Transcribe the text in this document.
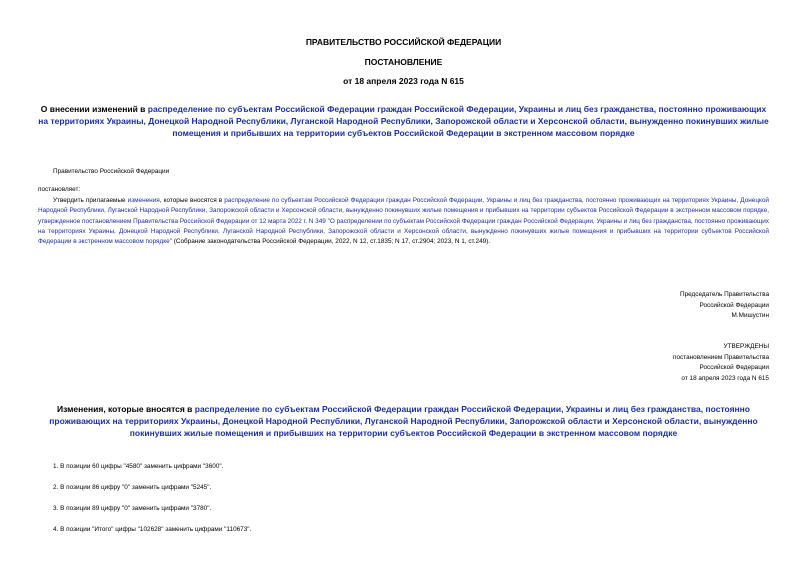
ПРАВИТЕЛЬСТВО РОССИЙСКОЙ ФЕДЕРАЦИИ
ПОСТАНОВЛЕНИЕ
от 18 апреля 2023 года N 615
О внесении изменений в распределение по субъектам Российской Федерации граждан Российской Федерации, Украины и лиц без гражданства, постоянно проживающих на территориях Украины, Донецкой Народной Республики, Луганской Народной Республики, Запорожской области и Херсонской области, вынужденно покинувших жилые помещения и прибывших на территории субъектов Российской Федерации в экстренном массовом порядке
Правительство Российской Федерации
постановляет:
Утвердить прилагаемые изменения, которые вносятся в распределение по субъектам Российской Федерации граждан Российской Федерации, Украины и лиц без гражданства, постоянно проживающих на территориях Украины, Донецкой Народной Республики, Луганской Народной Республики, Запорожской области и Херсонской области, вынужденно покинувших жилые помещения и прибывших на территории субъектов Российской Федерации в экстренном массовом порядке, утвержденное постановлением Правительства Российской Федерации от 12 марта 2022 г. N 349 "О распределении по субъектам Российской Федерации граждан Российской Федерации, Украины и лиц без гражданства, постоянно проживающих на территориях Украины, Донецкой Народной Республики, Луганской Народной Республики, Запорожской области и Херсонской области, вынужденно покинувших жилые помещения и прибывших на территории субъектов Российской Федерации в экстренном массовом порядке" (Собрание законодательства Российской Федерации, 2022, N 12, ст.1835; N 17, ст.2904; 2023, N 1, ст.249).
Председатель Правительства
Российской Федерации
М.Мишустин
УТВЕРЖДЕНЫ
постановлением Правительства
Российской Федерации
от 18 апреля 2023 года N 615
Изменения, которые вносятся в распределение по субъектам Российской Федерации граждан Российской Федерации, Украины и лиц без гражданства, постоянно проживающих на территориях Украины, Донецкой Народной Республики, Луганской Народной Республики, Запорожской области и Херсонской области, вынужденно покинувших жилые помещения и прибывших на территории субъектов Российской Федерации в экстренном массовом порядке
1. В позиции 60 цифры "4580" заменить цифрами "3600".
2. В позиции 86 цифру "0" заменить цифрами "5245".
3. В позиции 89 цифру "0" заменить цифрами "3780".
4. В позиции "Итого" цифры "102628" заменить цифрами "110673".
